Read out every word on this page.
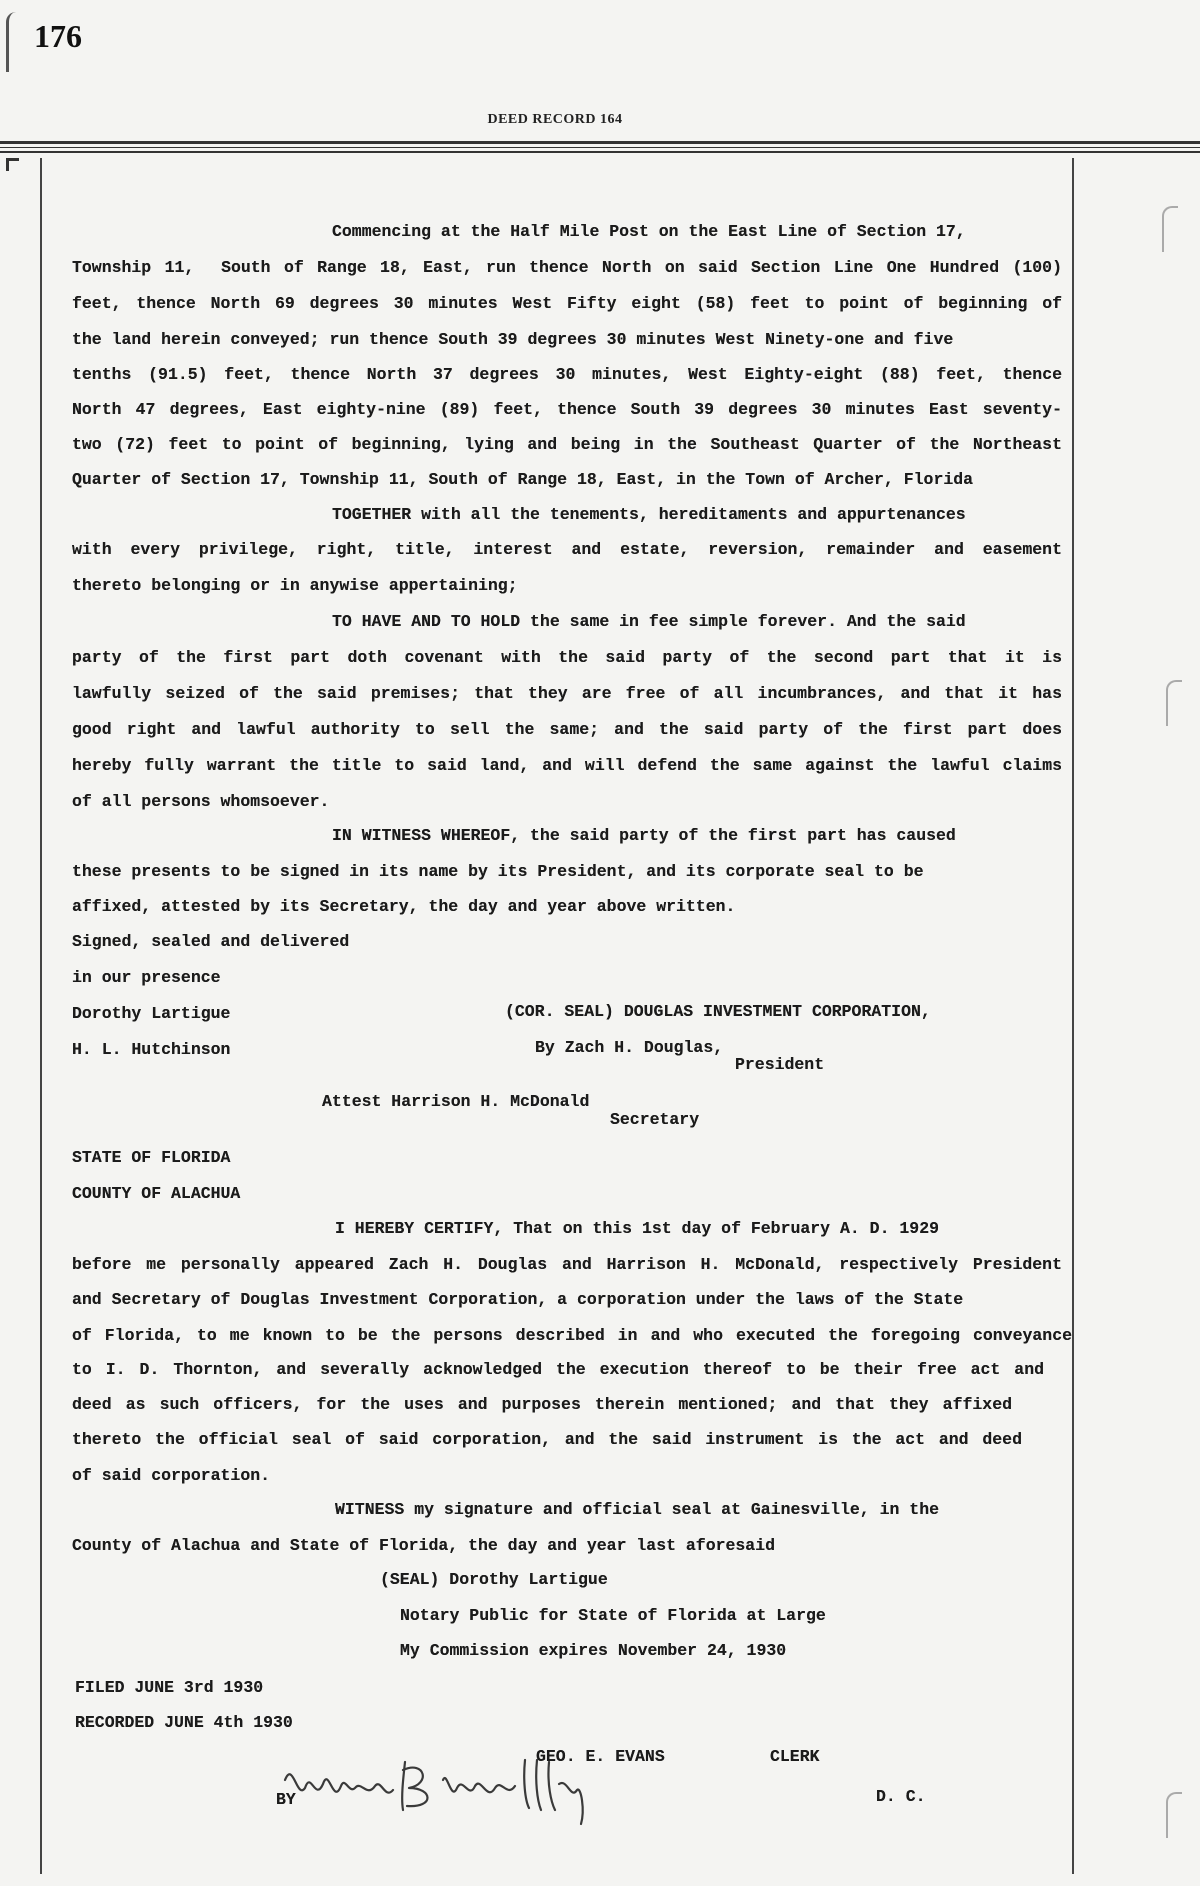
176
DEED RECORD 164
Commencing at the Half Mile Post on the East Line of Section 17,
Township 11,  South of Range 18, East, run thence North on said Section Line One Hundred (100)
feet, thence North 69 degrees 30 minutes West Fifty eight (58) feet to point of beginning of
the land herein conveyed; run thence South 39 degrees 30 minutes West Ninety-one and five
tenths (91.5) feet, thence North 37 degrees 30 minutes, West Eighty-eight (88) feet, thence
North 47 degrees, East eighty-nine (89) feet, thence South 39 degrees 30 minutes East seventy-
two (72) feet to point of beginning, lying and being in the Southeast Quarter of the Northeast
Quarter of Section 17, Township 11, South of Range 18, East, in the Town of Archer, Florida
TOGETHER with all the tenements, hereditaments and appurtenances
with every privilege, right, title, interest and estate, reversion, remainder and easement
thereto belonging or in anywise appertaining;
TO HAVE AND TO HOLD the same in fee simple forever. And the said
party of the first part doth covenant with the said party of the second part that it is
lawfully seized of the said premises; that they are free of all incumbrances, and that it has
good right and lawful authority to sell the same; and the said party of the first part does
hereby fully warrant the title to said land, and will defend the same against the lawful claims
of all persons whomsoever.
IN WITNESS WHEREOF, the said party of the first part has caused
these presents to be signed in its name by its President, and its corporate seal to be
affixed, attested by its Secretary, the day and year above written.
Signed, sealed and delivered
in our presence
Dorothy Lartigue	(COR. SEAL) DOUGLAS INVESTMENT CORPORATION,
H. L. Hutchinson	By Zach H. Douglas,
President
Attest Harrison H. McDonald
Secretary
STATE OF FLORIDA
COUNTY OF ALACHUA
I HEREBY CERTIFY, That on this 1st day of February A. D. 1929
before me personally appeared Zach H. Douglas and Harrison H. McDonald, respectively President
and Secretary of Douglas Investment Corporation, a corporation under the laws of the State
of Florida, to me known to be the persons described in and who executed the foregoing conveyance
to I. D. Thornton, and severally acknowledged the execution thereof to be their free act and
deed as such officers, for the uses and purposes therein mentioned; and that they affixed
thereto the official seal of said corporation, and the said instrument is the act and deed
of said corporation.
WITNESS my signature and official seal at Gainesville, in the
County of Alachua and State of Florida, the day and year last aforesaid
(SEAL) Dorothy Lartigue
Notary Public for State of Florida at Large
My Commission expires November 24, 1930
FILED JUNE 3rd 1930
RECORDED JUNE 4th 1930
GEO. E. EVANS	CLERK
BY	D. C.
